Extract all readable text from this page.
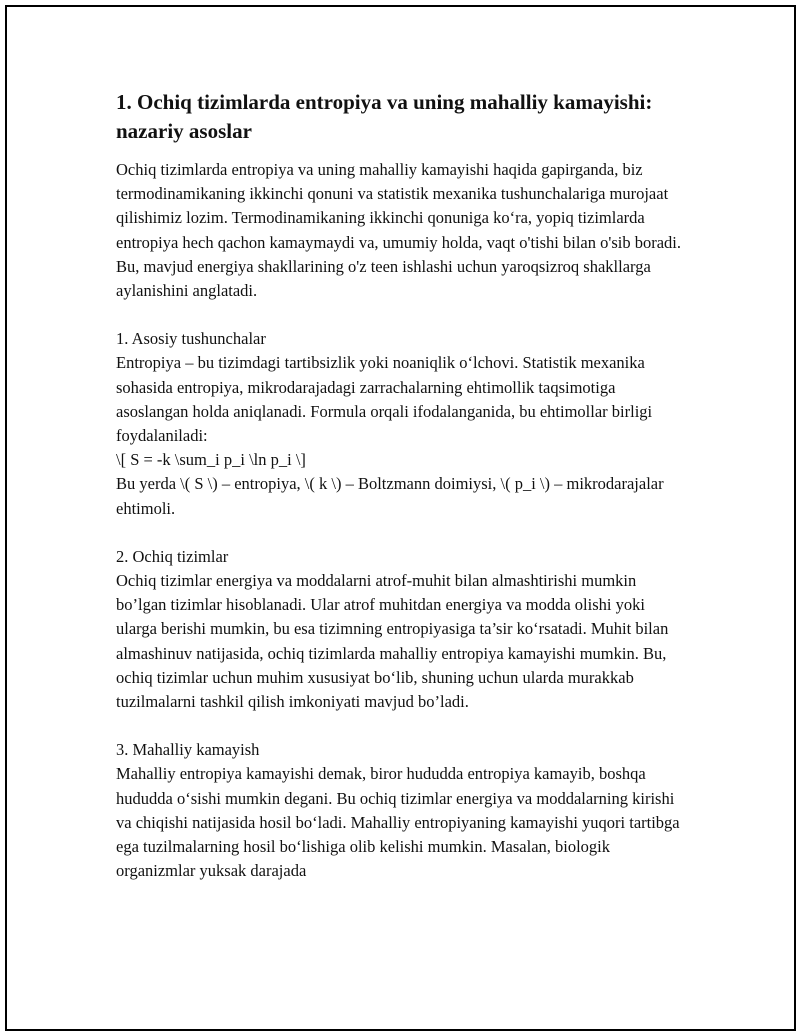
1. Ochiq tizimlarda entropiya va uning mahalliy kamayishi: nazariy asoslar

Ochiq tizimlarda entropiya va uning mahalliy kamayishi haqida gapirganda, biz termodinamikaning ikkinchi qonuni va statistik mexanika tushunchalariga murojaat qilishimiz lozim. Termodinamikaning ikkinchi qonuniga ko‘ra, yopiq tizimlarda entropiya hech qachon kamaymaydi va, umumiy holda, vaqt o'tishi bilan o'sib boradi. Bu, mavjud energiya shakllarining o'z teen ishlashi uchun yaroqsizroq shakllarga aylanishini anglatadi.

1. Asosiy tushunchalar

Entropiya – bu tizimdagi tartibsizlik yoki noaniqlik o‘lchovi. Statistik mexanika sohasida entropiya, mikrodarajadagi zarrachalarning ehtimollik taqsimotiga asoslangan holda aniqlanadi. Formula orqali ifodalanganida, bu ehtimollar birligi foydalaniladi:
\[ S = -k \sum_i p_i \ln p_i \]
Bu yerda \( S \) – entropiya, \( k \) – Boltzmann doimiysi, \( p_i \) – mikrodarajalar ehtimoli.

2. Ochiq tizimlar

Ochiq tizimlar energiya va moddalarni atrof-muhit bilan almashtirishi mumkin bo’lgan tizimlar hisoblanadi. Ular atrof muhitdan energiya va modda olishi yoki ularga berishi mumkin, bu esa tizimning entropiyasiga ta’sir ko‘rsatadi. Muhit bilan almashinuv natijasida, ochiq tizimlarda mahalliy entropiya kamayishi mumkin. Bu, ochiq tizimlar uchun muhim xususiyat bo‘lib, shuning uchun ularda murakkab tuzilmalarni tashkil qilish imkoniyati mavjud bo’ladi.

3. Mahalliy kamayish

Mahalliy entropiya kamayishi demak, biror hududda entropiya kamayib, boshqa hududda o‘sishi mumkin degani. Bu ochiq tizimlar energiya va moddalarning kirishi va chiqishi natijasida hosil bo‘ladi. Mahalliy entropiyaning kamayishi yuqori tartibga ega tuzilmalarning hosil bo‘lishiga olib kelishi mumkin. Masalan, biologik organizmlar yuksak darajada
